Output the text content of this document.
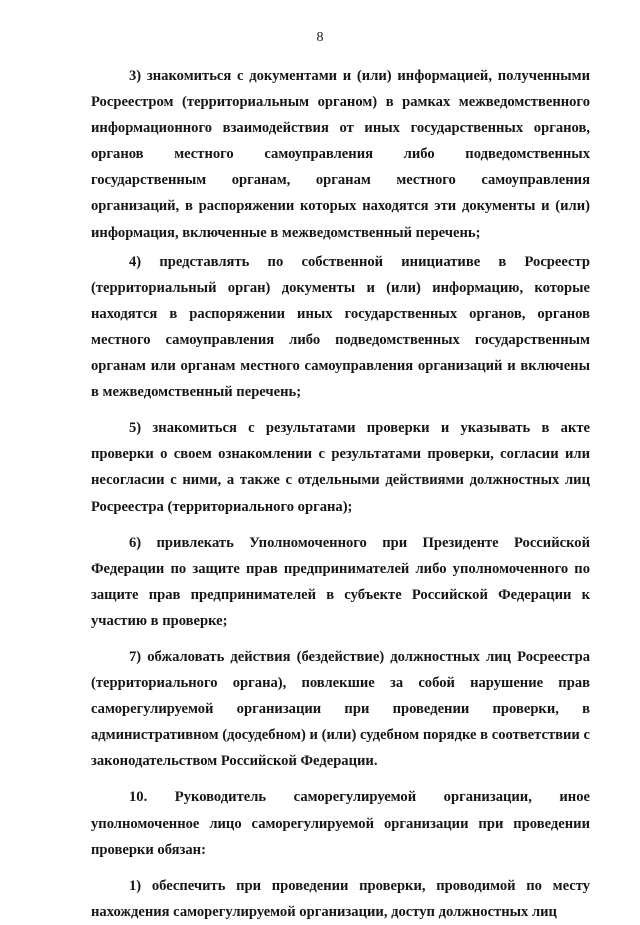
8

3) знакомиться с документами и (или) информацией, полученными Росреестром (территориальным органом) в рамках межведомственного информационного взаимодействия от иных государственных органов, органов местного самоуправления либо подведомственных государственным органам, органам местного самоуправления организаций, в распоряжении которых находятся эти документы и (или) информация, включенные в межведомственный перечень;

4) представлять по собственной инициативе в Росреестр (территориальный орган) документы и (или) информацию, которые находятся в распоряжении иных государственных органов, органов местного самоуправления либо подведомственных государственным органам или органам местного самоуправления организаций и включены в межведомственный перечень;

5) знакомиться с результатами проверки и указывать в акте проверки о своем ознакомлении с результатами проверки, согласии или несогласии с ними, а также с отдельными действиями должностных лиц Росреестра (территориального органа);

6) привлекать Уполномоченного при Президенте Российской Федерации по защите прав предпринимателей либо уполномоченного по защите прав предпринимателей в субъекте Российской Федерации к участию в проверке;

7) обжаловать действия (бездействие) должностных лиц Росреестра (территориального органа), повлекшие за собой нарушение прав саморегулируемой организации при проведении проверки, в административном (досудебном) и (или) судебном порядке в соответствии с законодательством Российской Федерации.

10. Руководитель саморегулируемой организации, иное уполномоченное лицо саморегулируемой организации при проведении проверки обязан:

1) обеспечить при проведении проверки, проводимой по месту нахождения саморегулируемой организации, доступ должностных лиц
